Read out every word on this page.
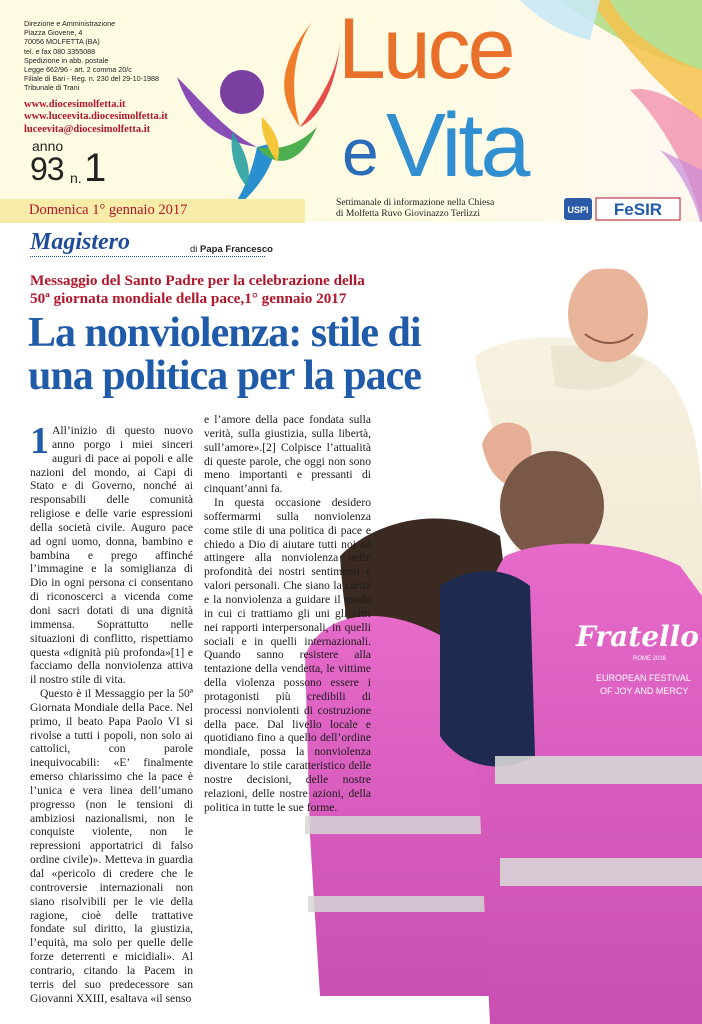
Direzione e Amministrazione
Piazza Giovene, 4
70056 MOLFETTA (BA)
tel. e fax 080 3355088
Spedizione in abb. postale
Legge 662/96 - art. 2 comma 20/c
Filiale di Bari - Reg. n. 230 del 29-10-1988
Tribunale di Trani
www.diocesimolfetta.it
www.luceevita.diocesimolfetta.it
luceevita@diocesimolfetta.it
anno
93 n. 1
Luce
e Vita
Domenica 1° gennaio 2017	Settimanale di informazione nella Chiesa
di Molfetta Ruvo Giovinazzo Terlizzi	USPI FeSIR
Magistero	di Papa Francesco
Messaggio del Santo Padre per la celebrazione della
50ª giornata mondiale della pace,1° gennaio 2017
La nonviolenza: stile di
una politica per la pace
Fratello
ROME 2016
EUROPEAN FESTIVAL
OF JOY AND MERCY

1 All’inizio di questo nuovo anno porgo i miei sinceri auguri di pace ai popoli e alle nazioni del mondo, ai Capi di Stato e di Governo, nonché ai responsabili delle comunità religiose e delle varie espressioni della società civile. Auguro pace ad ogni uomo, donna, bambino e bambina e prego affinché l’immagine e la somiglianza di Dio in ogni persona ci consentano di riconoscerci a vicenda come doni sacri dotati di una dignità immensa. Soprattutto nelle situazioni di conflitto, rispettiamo questa «dignità più profonda»[1] e facciamo della nonviolenza attiva il nostro stile di vita.

Questo è il Messaggio per la 50ª Giornata Mondiale della Pace. Nel primo, il beato Papa Paolo VI si rivolse a tutti i popoli, non solo ai cattolici, con parole inequivocabili: «E’ finalmente emerso chiarissimo che la pace è l’unica e vera linea dell’umano progresso (non le tensioni di ambiziosi nazionalismi, non le conquiste violente, non le repressioni apportatrici di falso ordine civile)». Metteva in guardia dal «pericolo di credere che le controversie internazionali non siano risolvibili per le vie della ragione, cioè delle trattative fondate sul diritto, la giustizia, l’equità, ma solo per quelle delle forze deterrenti e micidiali». Al contrario, citando la Pacem in terris del suo predecessore san Giovanni XXIII, esaltava «il senso

e l’amore della pace fondata sulla verità, sulla giustizia, sulla libertà, sull’amore».[2] Colpisce l’attualità di queste parole, che oggi non sono meno importanti e pressanti di cinquant’anni fa.

In questa occasione desidero soffermarmi sulla nonviolenza come stile di una politica di pace e chiedo a Dio di aiutare tutti noi ad attingere alla nonviolenza nelle profondità dei nostri sentimenti e valori personali. Che siano la carità e la nonviolenza a guidare il modo in cui ci trattiamo gli uni gli altri nei rapporti interpersonali, in quelli sociali e in quelli internazionali. Quando sanno resistere alla tentazione della vendetta, le vittime della violenza possono essere i protagonisti più credibili di processi nonviolenti di costruzione della pace. Dal livello locale e quotidiano fino a quello dell’ordine mondiale, possa la nonviolenza diventare lo stile caratteristico delle nostre decisioni, delle nostre relazioni, delle nostre azioni, della politica in tutte le sue forme.
